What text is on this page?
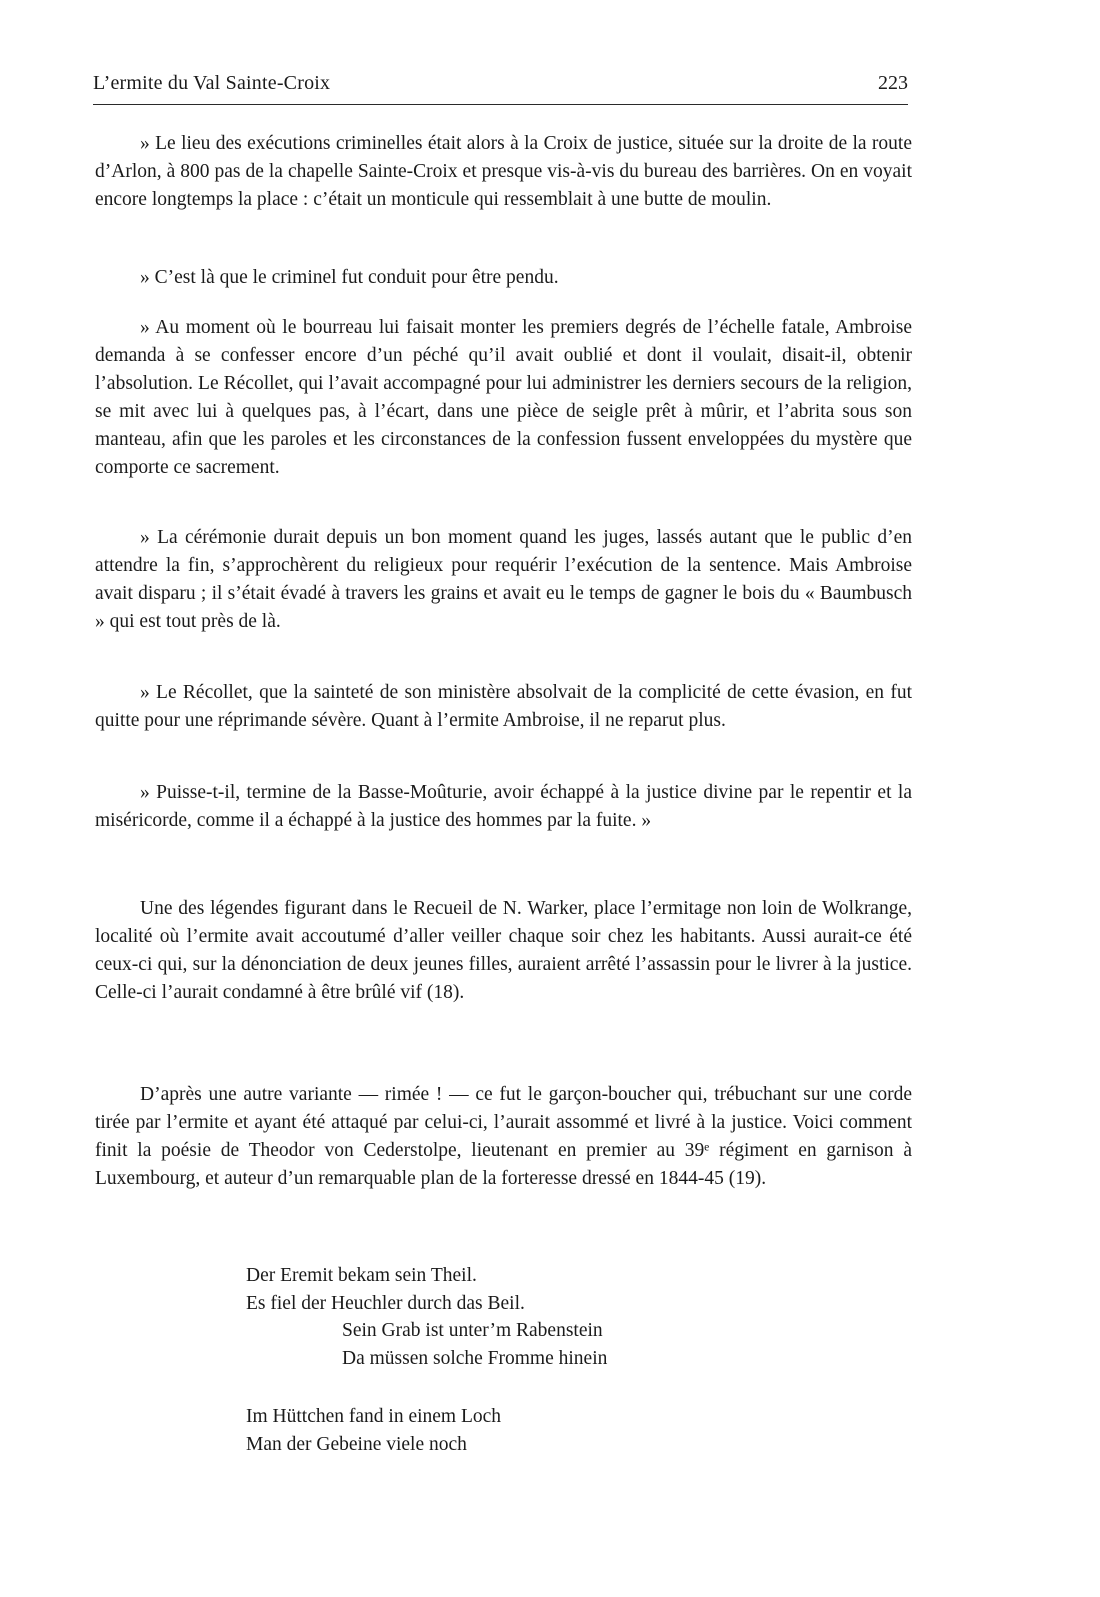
L’ermite du Val Sainte-Croix	223

» Le lieu des exécutions criminelles était alors à la Croix de justice, située sur la droite de la route d’Arlon, à 800 pas de la chapelle Sainte-Croix et presque vis-à-vis du bureau des barrières. On en voyait encore longtemps la place : c’était un monticule qui ressemblait à une butte de moulin.

» C’est là que le criminel fut conduit pour être pendu.

» Au moment où le bourreau lui faisait monter les premiers degrés de l’échelle fatale, Ambroise demanda à se confesser encore d’un péché qu’il avait oublié et dont il voulait, disait-il, obtenir l’absolution. Le Récollet, qui l’avait accompagné pour lui administrer les derniers secours de la religion, se mit avec lui à quelques pas, à l’écart, dans une pièce de seigle prêt à mûrir, et l’abrita sous son manteau, afin que les paroles et les circonstances de la confession fussent enveloppées du mystère que comporte ce sacrement.

» La cérémonie durait depuis un bon moment quand les juges, lassés autant que le public d’en attendre la fin, s’approchèrent du religieux pour requérir l’exécution de la sentence. Mais Ambroise avait disparu ; il s’était évadé à travers les grains et avait eu le temps de gagner le bois du « Baumbusch » qui est tout près de là.

» Le Récollet, que la sainteté de son ministère absolvait de la complicité de cette évasion, en fut quitte pour une réprimande sévère. Quant à l’ermite Ambroise, il ne reparut plus.

» Puisse-t-il, termine de la Basse-Moûturie, avoir échappé à la justice divine par le repentir et la miséricorde, comme il a échappé à la justice des hommes par la fuite. »

Une des légendes figurant dans le Recueil de N. Warker, place l’ermitage non loin de Wolkrange, localité où l’ermite avait accoutumé d’aller veiller chaque soir chez les habitants. Aussi aurait-ce été ceux-ci qui, sur la dénonciation de deux jeunes filles, auraient arrêté l’assassin pour le livrer à la justice. Celle-ci l’aurait condamné à être brûlé vif (18).

D’après une autre variante — rimée ! — ce fut le garçon-boucher qui, trébuchant sur une corde tirée par l’ermite et ayant été attaqué par celui-ci, l’aurait assommé et livré à la justice. Voici comment finit la poésie de Theodor von Cederstolpe, lieutenant en premier au 39ᵉ régiment en garnison à Luxembourg, et auteur d’un remarquable plan de la forteresse dressé en 1844-45 (19).

Der Eremit bekam sein Theil.
Es fiel der Heuchler durch das Beil.
Sein Grab ist unter’m Rabenstein
Da müssen solche Fromme hinein
Im Hüttchen fand in einem Loch
Man der Gebeine viele noch
